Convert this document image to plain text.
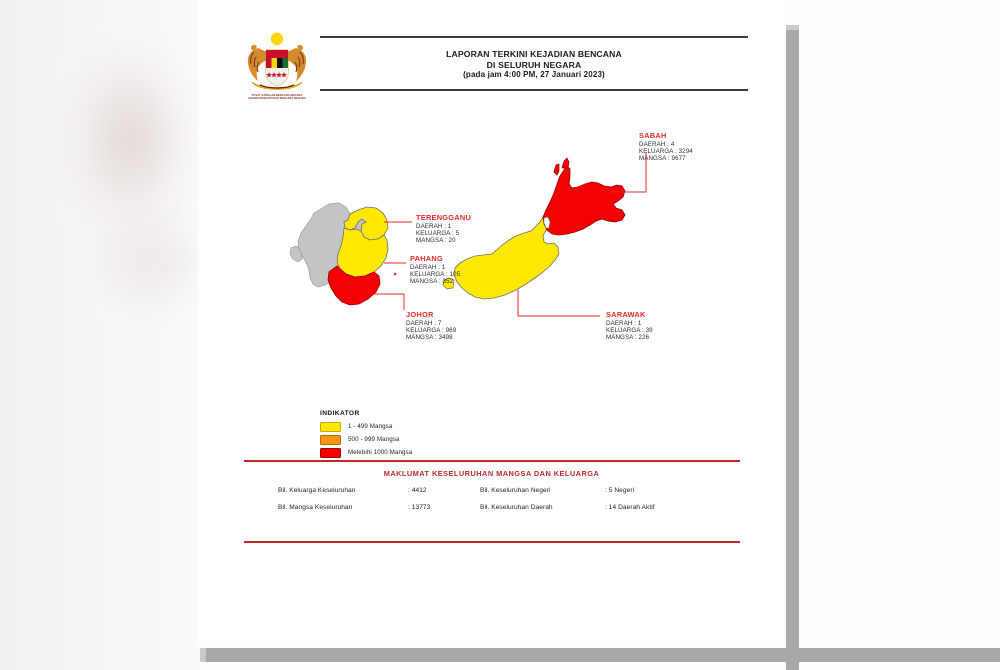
PUSAT KAWALAN BENCANA NEGARA
AGENSI PENGURUSAN BENCANA NEGARA
LAPORAN TERKINI KEJADIAN BENCANA
DI SELURUH NEGARA
(pada jam 4:00 PM, 27 Januari 2023)
TERENGGANU
DAERAH : 1
KELUARGA : 5
MANGSA : 20
PAHANG
DAERAH : 1
KELUARGA : 105
MANGSA : 352
JOHOR
DAERAH : 7
KELUARGA : 969
MANGSA : 3498
SABAH
DAERAH : 4
KELUARGA : 3294
MANGSA : 9677
SARAWAK
DAERAH : 1
KELUARGA : 39
MANGSA : 226
INDIKATOR
1 - 499 Mangsa
500 - 999 Mangsa
Melebihi 1000 Mangsa
MAKLUMAT KESELURUHAN MANGSA DAN KELUARGA
Bil. Keluarga Keseluruhan	: 4412	Bil. Keseluruhan Negeri	: 5 Negeri
Bil. Mangsa Keseluruhan	: 13773	Bil. Keseluruhan Daerah	: 14 Daerah Aktif
